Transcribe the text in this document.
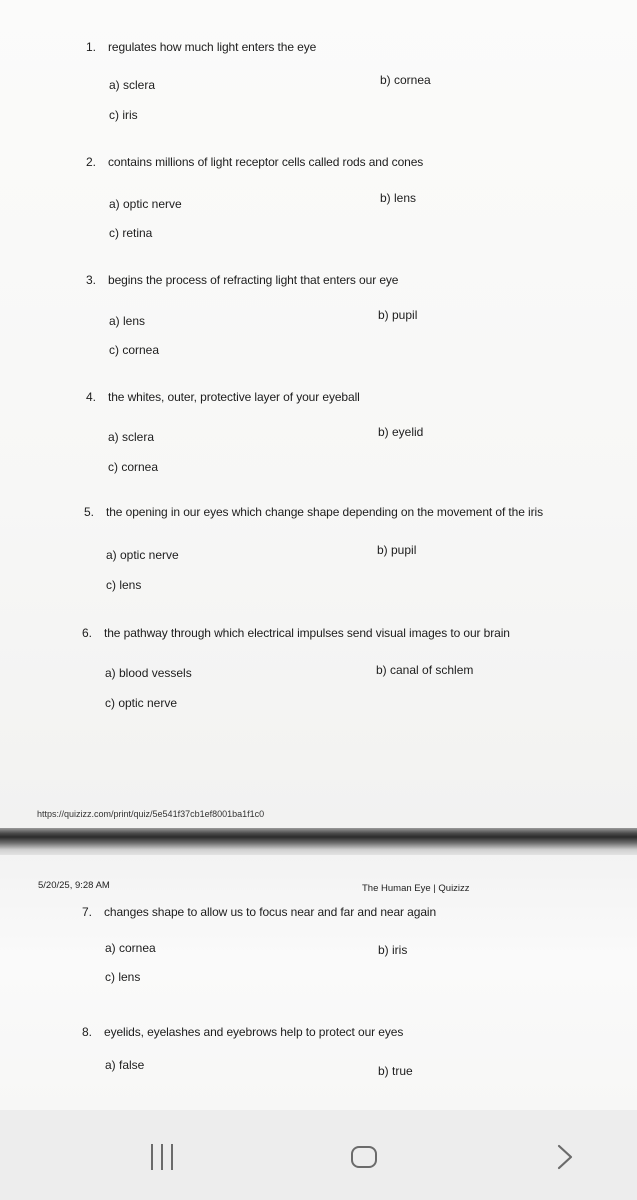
1. regulates how much light enters the eye
a) sclera	b) cornea
c) iris
2. contains millions of light receptor cells called rods and cones
a) optic nerve	b) lens
c) retina
3. begins the process of refracting light that enters our eye
a) lens	b) pupil
c) cornea
4. the whites, outer, protective layer of your eyeball
a) sclera	b) eyelid
c) cornea
5. the opening in our eyes which change shape depending on the movement of the iris
a) optic nerve	b) pupil
c) lens
6. the pathway through which electrical impulses send visual images to our brain
a) blood vessels	b) canal of schlem
c) optic nerve
https://quizizz.com/print/quiz/5e541f37cb1ef8001ba1f1c0
5/20/25, 9:28 AM	The Human Eye | Quizizz
7. changes shape to allow us to focus near and far and near again
a) cornea	b) iris
c) lens
8. eyelids, eyelashes and eyebrows help to protect our eyes
a) false	b) true
